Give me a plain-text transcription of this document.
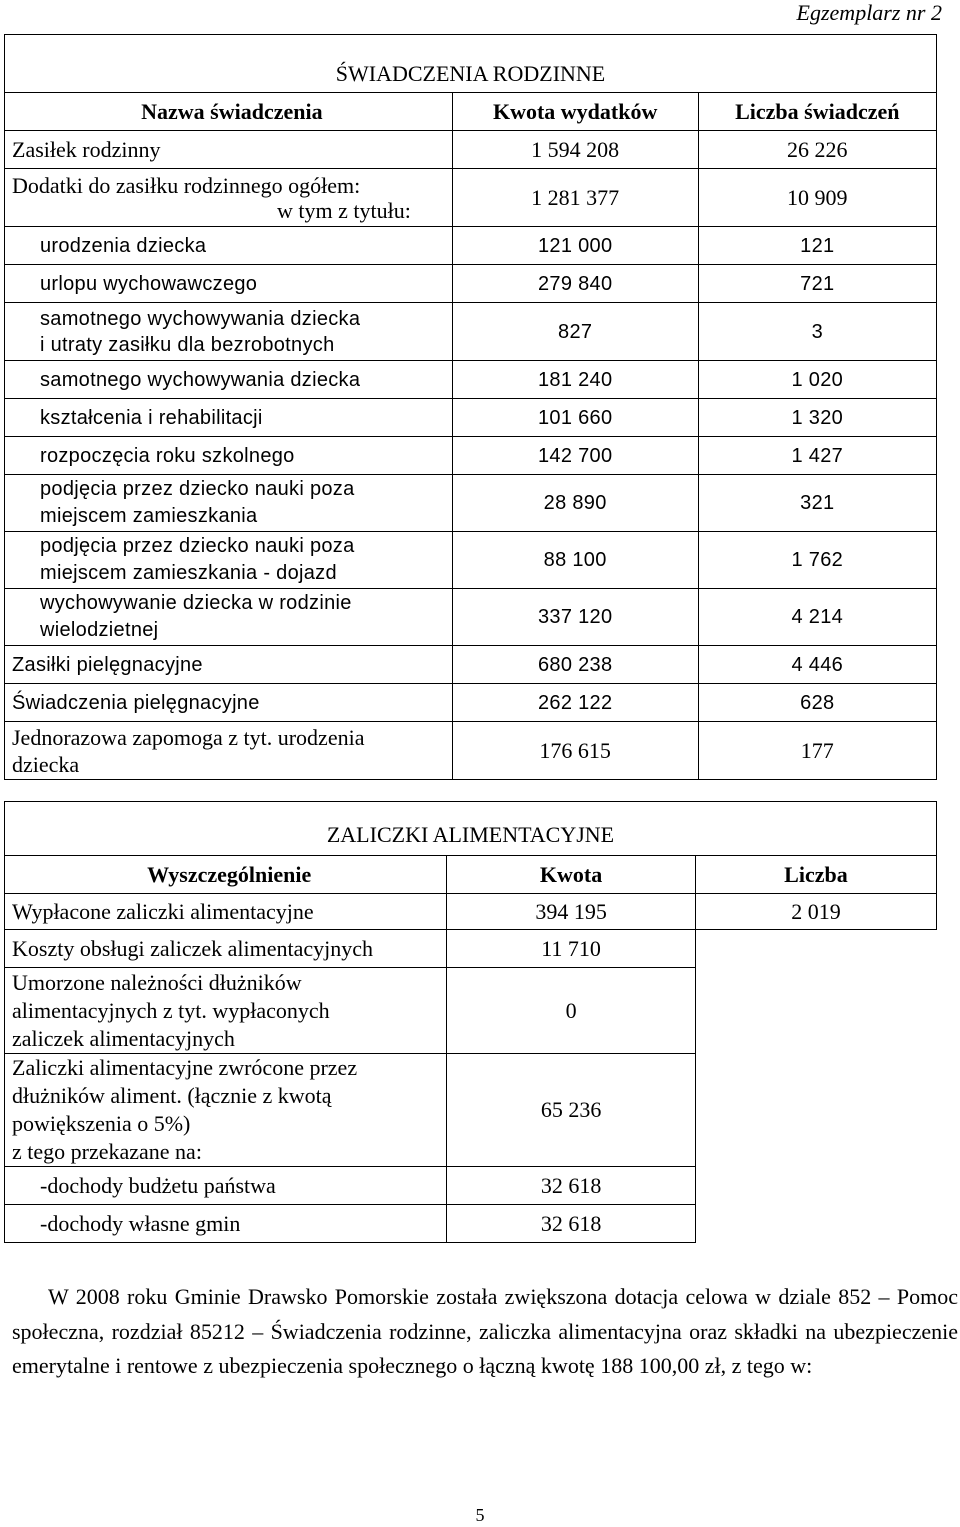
Egzemplarz nr 2
ŚWIADCZENIA RODZINNE		
Nazwa świadczenia	Kwota wydatków	Liczba świadczeń
Zasiłek rodzinny	1 594 208	26 226

Dodatki do zasiłku rodzinnego ogółem:
w tym z tytułu:	1 281 377	10 909
urodzenia dziecka	121 000	121
urlopu wychowawczego	279 840	721

samotnego wychowywania dziecka
i utraty zasiłku dla bezrobotnych	827	3
samotnego wychowywania dziecka	181 240	1 020
kształcenia i rehabilitacji	101 660	1 320
rozpoczęcia roku szkolnego	142 700	1 427

podjęcia przez dziecko nauki poza
miejscem zamieszkania	28 890	321

podjęcia przez dziecko nauki poza
miejscem zamieszkania - dojazd	88 100	1 762

wychowywanie dziecka w rodzinie
wielodzietnej	337 120	4 214
Zasiłki pielęgnacyjne	680 238	4 446
Świadczenia pielęgnacyjne	262 122	628

Jednorazowa zapomoga z tyt. urodzenia
dziecka	176 615	177
ZALICZKI ALIMENTACYJNE		
Wyszczególnienie	Kwota	Liczba
Wypłacone zaliczki alimentacyjne	394 195	2 019
Koszty obsługi zaliczek alimentacyjnych	11 710	

Umorzone należności dłużników
alimentacyjnych z tyt. wypłaconych
zaliczek alimentacyjnych	0	

Zaliczki alimentacyjne zwrócone przez
dłużników aliment. (łącznie z kwotą
powiększenia o 5%)
z tego przekazane na:	65 236	
-dochody budżetu państwa	32 618	
-dochody własne gmin	32 618	
W 2008 roku Gminie Drawsko Pomorskie została zwiększona dotacja celowa w dziale 852 – Pomoc społeczna, rozdział 85212 – Świadczenia rodzinne, zaliczka alimentacyjna oraz składki na ubezpieczenie emerytalne i rentowe z ubezpieczenia społecznego o łączną kwotę 188 100,00 zł, z tego w:
5
